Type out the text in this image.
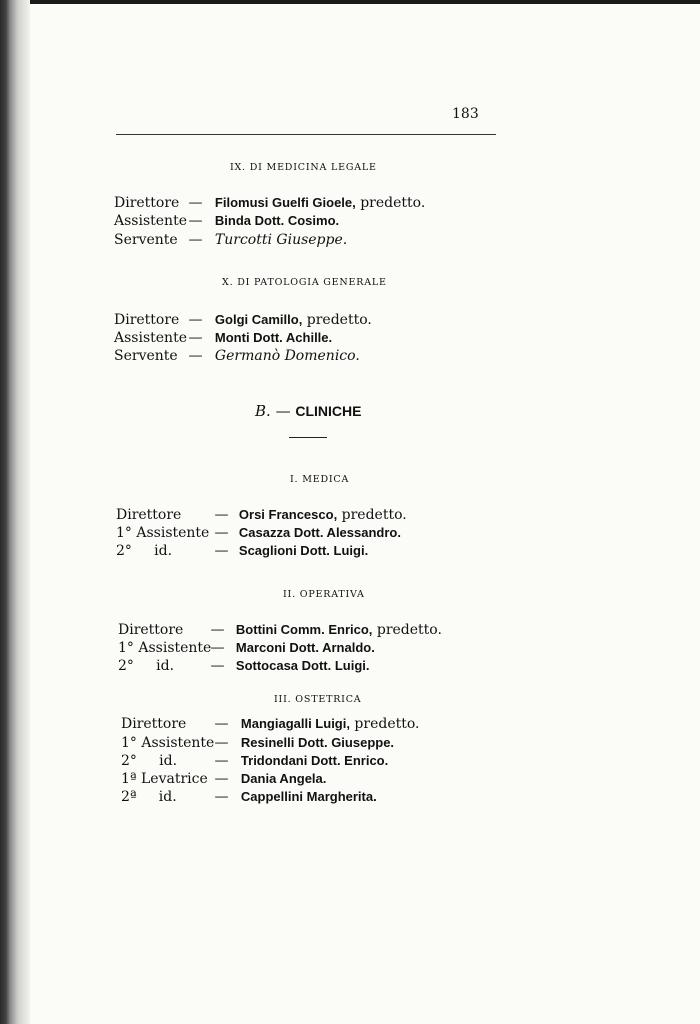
183
IX. DI MEDICINA LEGALE
Direttore — Filomusi Guelfi Gioele, predetto.
Assistente — Binda Dott. Cosimo.
Servente — Turcotti Giuseppe.
X. DI PATOLOGIA GENERALE
Direttore — Golgi Camillo, predetto.
Assistente — Monti Dott. Achille.
Servente — Germanò Domenico.
B. — CLINICHE
I. MEDICA
Direttore — Orsi Francesco, predetto.
1° Assistente — Casazza Dott. Alessandro.
2°     id.	— Scaglioni Dott. Luigi.
II. OPERATIVA
Direttore — Bottini Comm. Enrico, predetto.
1° Assistente — Marconi Dott. Arnaldo.
2°     id.	— Sottocasa Dott. Luigi.
III. OSTETRICA
Direttore — Mangiagalli Luigi, predetto.
1° Assistente — Resinelli Dott. Giuseppe.
2°     id.	— Tridondani Dott. Enrico.
1ª Levatrice — Dania Angela.
2ª     id.	— Cappellini Margherita.
